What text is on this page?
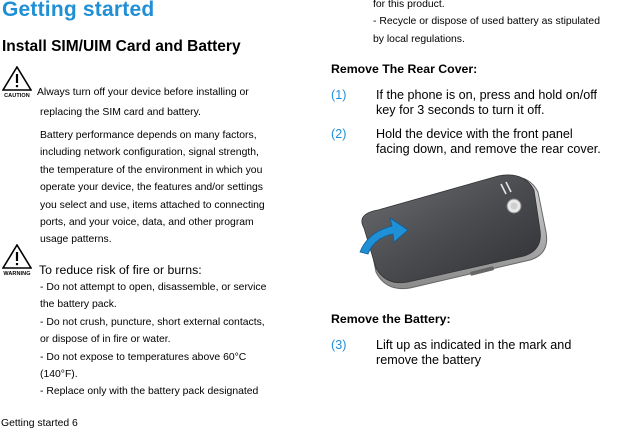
Getting started
Install SIM/UIM Card and Battery
CAUTION Always turn off your device before installing or
replacing the SIM card and battery.
Battery performance depends on many factors,
including network configuration, signal strength,
the temperature of the environment in which you
operate your device, the features and/or settings
you select and use, items attached to connecting
ports, and your voice, data, and other program
usage patterns.
WARNING To reduce risk of fire or burns:
- Do not attempt to open, disassemble, or service
the battery pack.
- Do not crush, puncture, short external contacts,
or dispose of in fire or water.
- Do not expose to temperatures above 60°C
(140°F).
- Replace only with the battery pack designated
Getting started 6
for this product.
- Recycle or dispose of used battery as stipulated
by local regulations.
Remove The Rear Cover:
(1) If the phone is on, press and hold on/off
key for 3 seconds to turn it off.
(2) Hold the device with the front panel
facing down, and remove the rear cover.
Remove the Battery:
(3) Lift up as indicated in the mark and
remove the battery
